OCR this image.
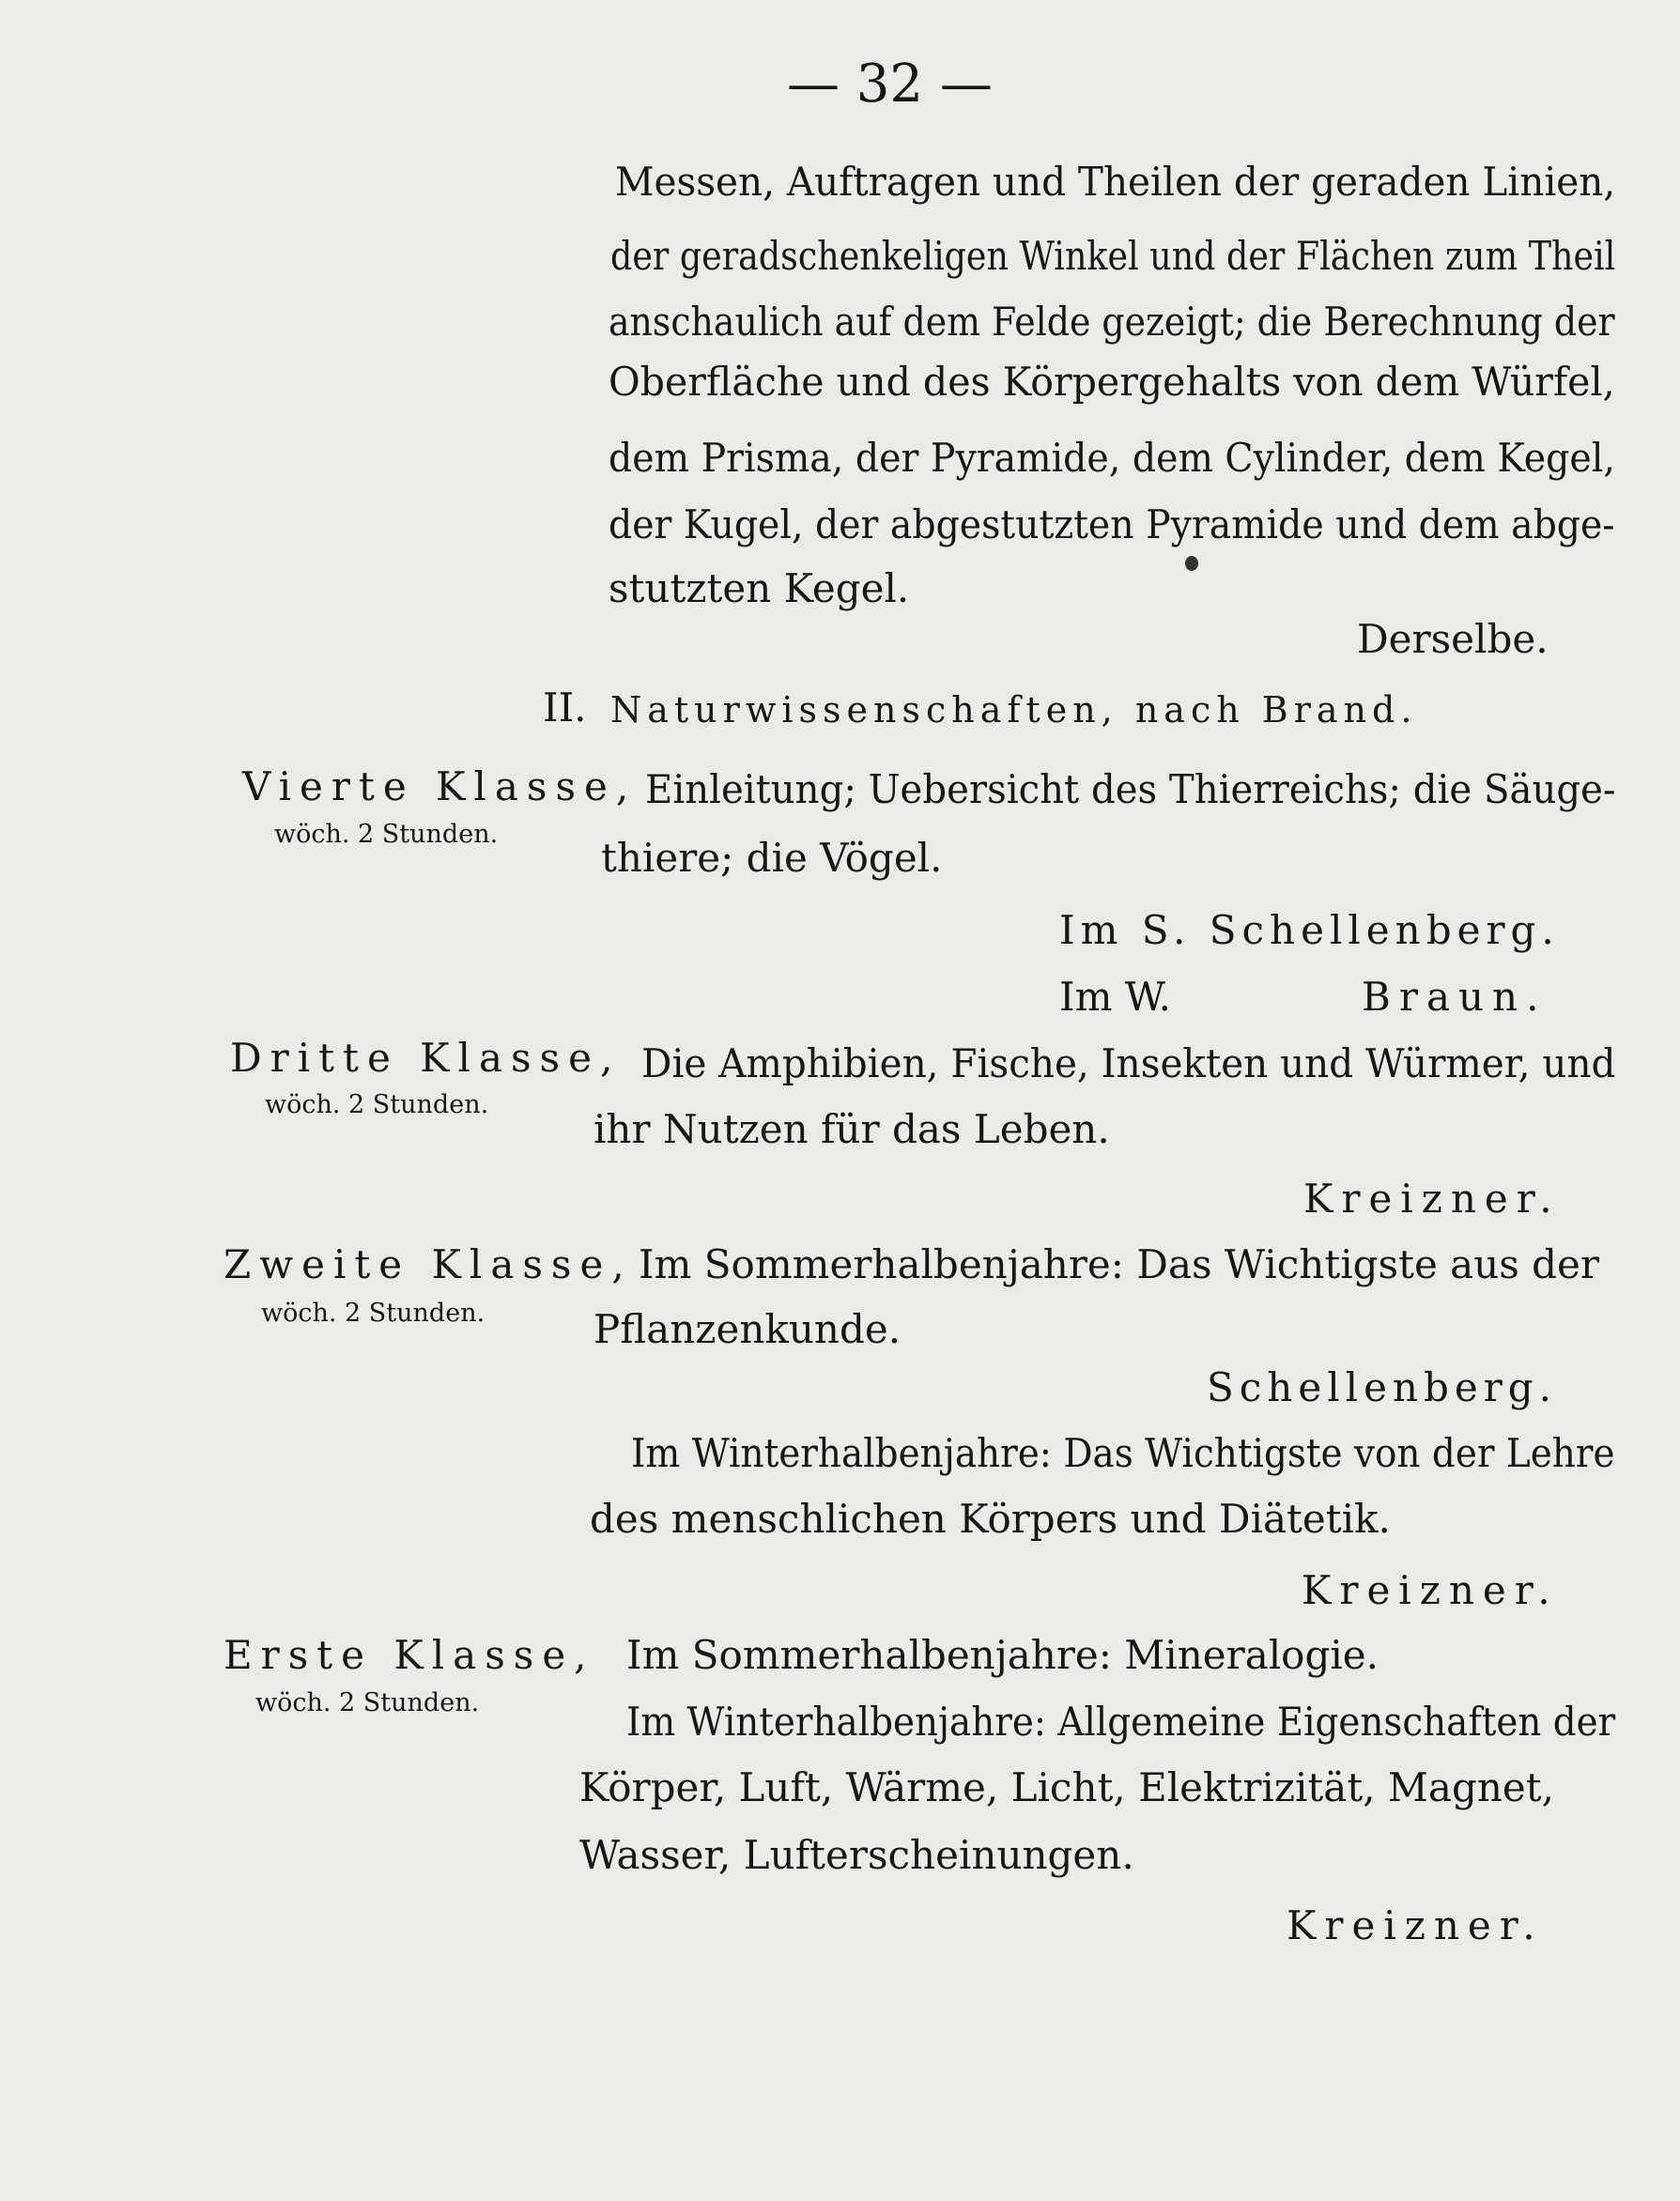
— 32 —
Messen, Auftragen und Theilen der geraden Linien,
der geradschenkeligen Winkel und der Flächen zum Theil
anschaulich auf dem Felde gezeigt; die Berechnung der
Oberfläche und des Körpergehalts von dem Würfel,
dem Prisma, der Pyramide, dem Cylinder, dem Kegel,
der Kugel, der abgestutzten Pyramide und dem abge-
stutzten Kegel.
Derselbe.
II. Naturwissenschaften, nach Brand.
Vierte Klasse,
wöch. 2 Stunden.
Einleitung; Uebersicht des Thierreichs; die Säuge-
thiere; die Vögel.
Im S. Schellenberg.
Im W.	Braun.
Dritte Klasse,
wöch. 2 Stunden.
Die Amphibien, Fische, Insekten und Würmer, und
ihr Nutzen für das Leben.
Kreizner.
Zweite Klasse,
wöch. 2 Stunden.
Im Sommerhalbenjahre: Das Wichtigste aus der
Pflanzenkunde.
Schellenberg.
Im Winterhalbenjahre: Das Wichtigste von der Lehre
des menschlichen Körpers und Diätetik.
Kreizner.
Erste Klasse,
wöch. 2 Stunden.
Im Sommerhalbenjahre: Mineralogie.
Im Winterhalbenjahre: Allgemeine Eigenschaften der
Körper, Luft, Wärme, Licht, Elektrizität, Magnet,
Wasser, Lufterscheinungen.
Kreizner.
